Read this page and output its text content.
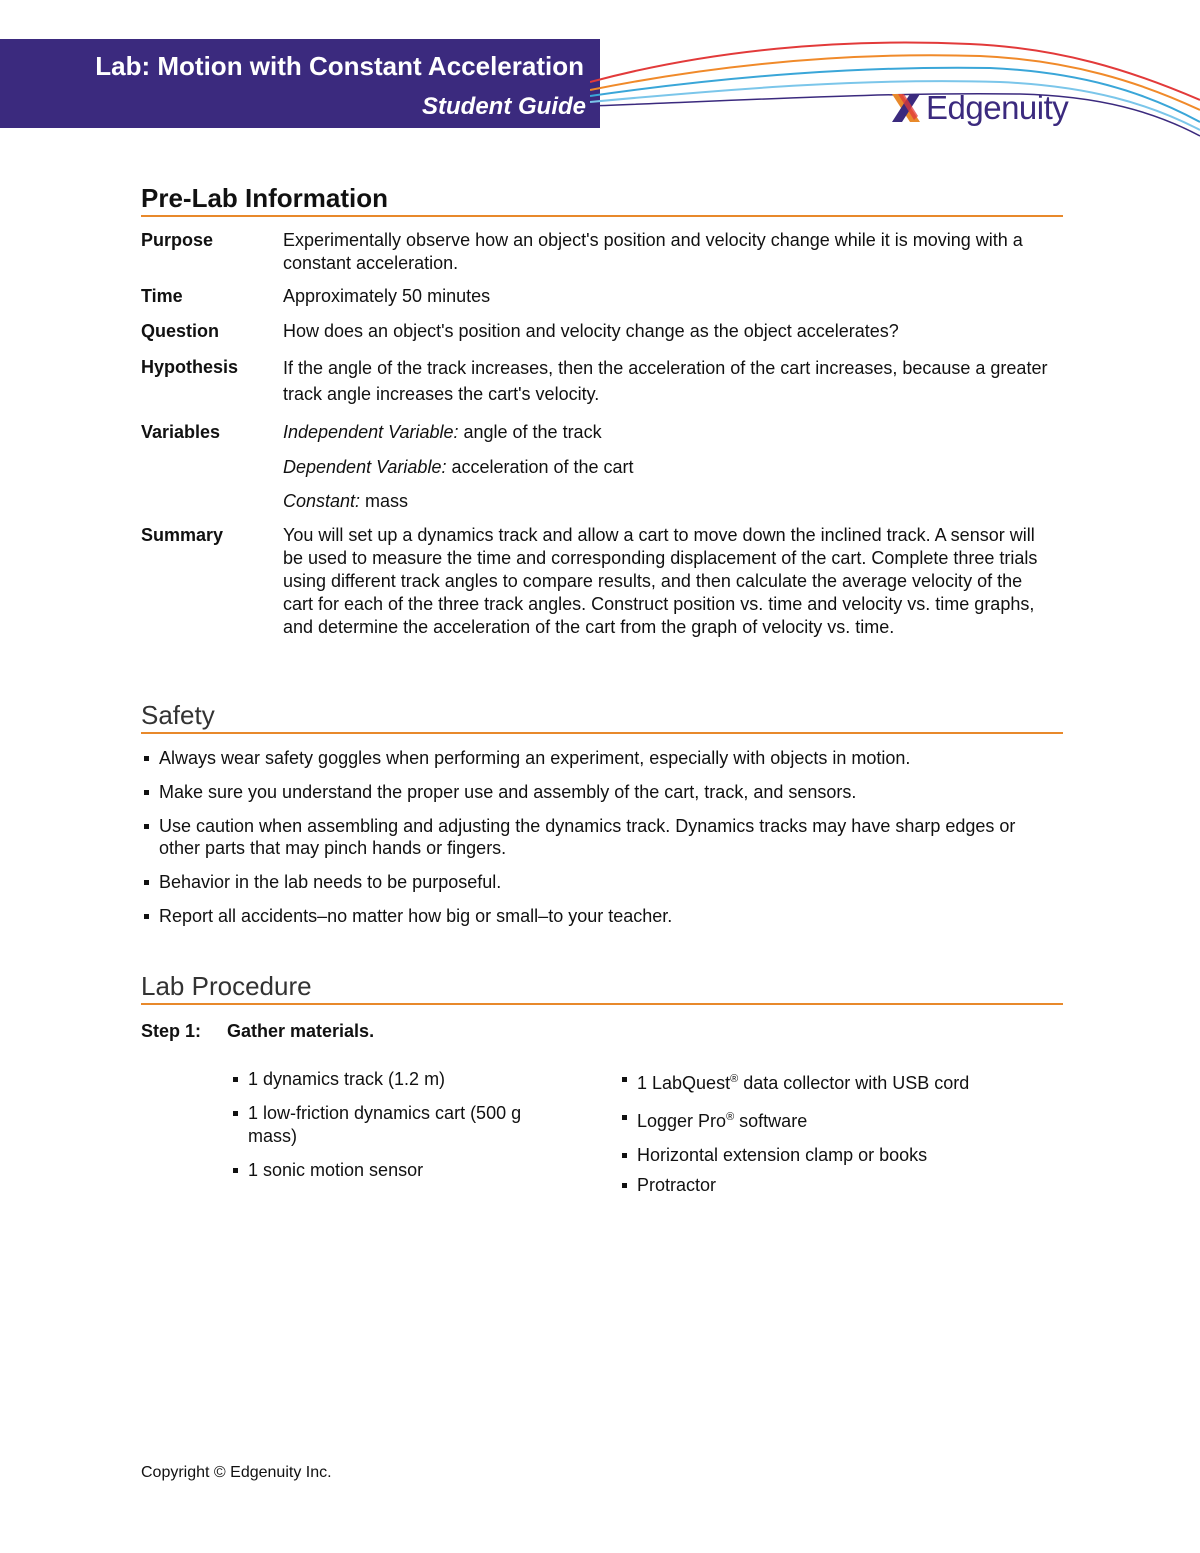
Lab: Motion with Constant Acceleration
Student Guide	Edgenuity
Pre-Lab Information
Purpose	Experimentally observe how an object's position and velocity change while it is moving with a constant acceleration.
Time	Approximately 50 minutes
Question	How does an object's position and velocity change as the object accelerates?
Hypothesis If the angle of the track increases, then the acceleration of the cart increases, because a greater track angle increases the cart's velocity.
Variables	Independent Variable: angle of the track
Dependent Variable: acceleration of the cart
Constant: mass
Summary	You will set up a dynamics track and allow a cart to move down the inclined track. A sensor will be used to measure the time and corresponding displacement of the cart. Complete three trials using different track angles to compare results, and then calculate the average velocity of the cart for each of the three track angles. Construct position vs. time and velocity vs. time graphs, and determine the acceleration of the cart from the graph of velocity vs. time.
Safety
Always wear safety goggles when performing an experiment, especially with objects in motion.
Make sure you understand the proper use and assembly of the cart, track, and sensors.
Use caution when assembling and adjusting the dynamics track. Dynamics tracks may have sharp edges or other parts that may pinch hands or fingers.
Behavior in the lab needs to be purposeful.
Report all accidents–no matter how big or small–to your teacher.
Lab Procedure
Step 1: Gather materials.
1 dynamics track (1.2 m)
1 low-friction dynamics cart (500 g mass)
1 sonic motion sensor
1 LabQuest® data collector with USB cord
Logger Pro® software
Horizontal extension clamp or books
Protractor
Copyright © Edgenuity Inc.
